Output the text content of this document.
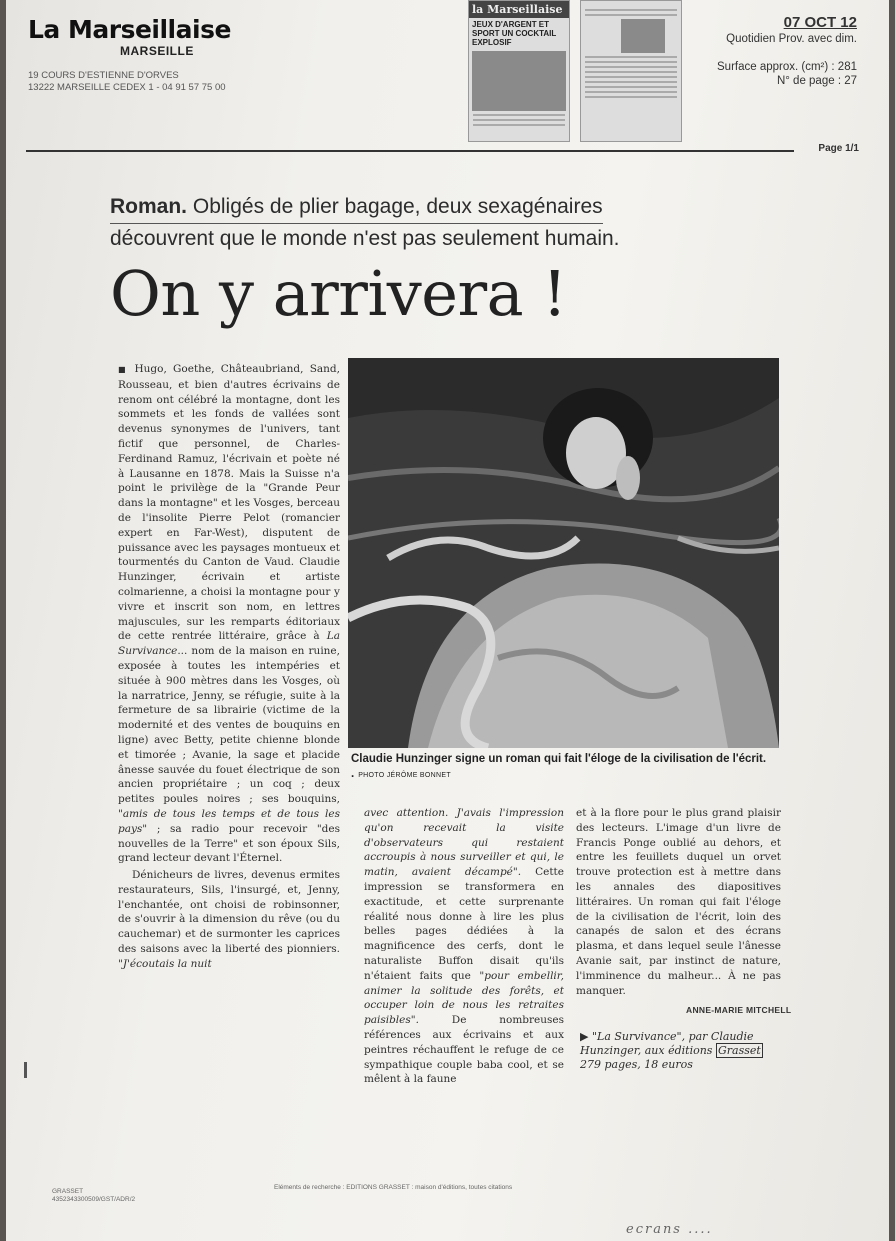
La Marseillaise
MARSEILLE
19 COURS D'ESTIENNE D'ORVES
13222 MARSEILLE CEDEX 1 - 04 91 57 75 00
la Marseillaise
JEUX D'ARGENT ET SPORT UN COCKTAIL EXPLOSIF
07 OCT 12
Quotidien Prov. avec dim.
Surface approx. (cm²) : 281
N° de page : 27
Page 1/1
Roman. Obligés de plier bagage, deux sexagénaires
découvrent que le monde n'est pas seulement humain.
On y arrivera !

■ Hugo, Goethe, Châteaubriand, Sand, Rousseau, et bien d'autres écrivains de renom ont célébré la montagne, dont les sommets et les fonds de vallées sont devenus synonymes de l'univers, tant fictif que personnel, de Charles-Ferdinand Ramuz, l'écrivain et poète né à Lausanne en 1878. Mais la Suisse n'a point le privilège de la "Grande Peur dans la montagne" et les Vosges, berceau de l'insolite Pierre Pelot (romancier expert en Far-West), disputent de puissance avec les paysages montueux et tourmentés du Canton de Vaud. Claudie Hunzinger, écrivain et artiste colmarienne, a choisi la montagne pour y vivre et inscrit son nom, en lettres majuscules, sur les remparts éditoriaux de cette rentrée littéraire, grâce à La Survivance... nom de la maison en ruine, exposée à toutes les intempéries et située à 900 mètres dans les Vosges, où la narratrice, Jenny, se réfugie, suite à la fermeture de sa librairie (victime de la modernité et des ventes de bouquins en ligne) avec Betty, petite chienne blonde et timorée ; Avanie, la sage et placide ânesse sauvée du fouet électrique de son ancien propriétaire ; un coq ; deux petites poules noires ; ses bouquins, "amis de tous les temps et de tous les pays" ; sa radio pour recevoir "des nouvelles de la Terre" et son époux Sils, grand lecteur devant l'Éternel.

Dénicheurs de livres, devenus ermites restaurateurs, Sils, l'insurgé, et, Jenny, l'enchantée, ont choisi de robinsonner, de s'ouvrir à la dimension du rêve (ou du cauchemar) et de surmonter les caprices des saisons avec la liberté des pionniers. "J'écoutais la nuit

Claudie Hunzinger signe un roman qui fait l'éloge de la civilisation de l'écrit. . PHOTO JÉRÔME BONNET

avec attention. J'avais l'impression qu'on recevait la visite d'observateurs qui restaient accroupis à nous surveiller et qui, le matin, avaient décampé". Cette impression se transformera en exactitude, et cette surprenante réalité nous donne à lire les plus belles pages dédiées à la magnificence des cerfs, dont le naturaliste Buffon disait qu'ils n'étaient faits que "pour embellir, animer la solitude des forêts, et occuper loin de nous les retraites paisibles".	De nombreuses références aux écrivains et aux peintres réchauffent le refuge de ce sympathique couple baba cool, et se mêlent à la faune

et à la flore pour le plus grand plaisir des lecteurs. L'image d'un livre de Francis Ponge oublié au dehors, et entre les feuillets duquel un orvet trouve protection est à mettre dans les annales des diapositives littéraires. Un roman qui fait l'éloge de la civilisation de l'écrit, loin des canapés de salon et des écrans plasma, et dans lequel seule l'ânesse Avanie sait, par instinct de nature, l'imminence du malheur... À ne pas manquer.

ANNE-MARIE MITCHELL
▶ "La Survivance", par Claudie Hunzinger, aux éditions Grasset
279 pages, 18 euros
GRASSET
4352343300509/GST/ADR/2
Eléments de recherche : EDITIONS GRASSET : maison d'éditions, toutes citations
ecrans ....
